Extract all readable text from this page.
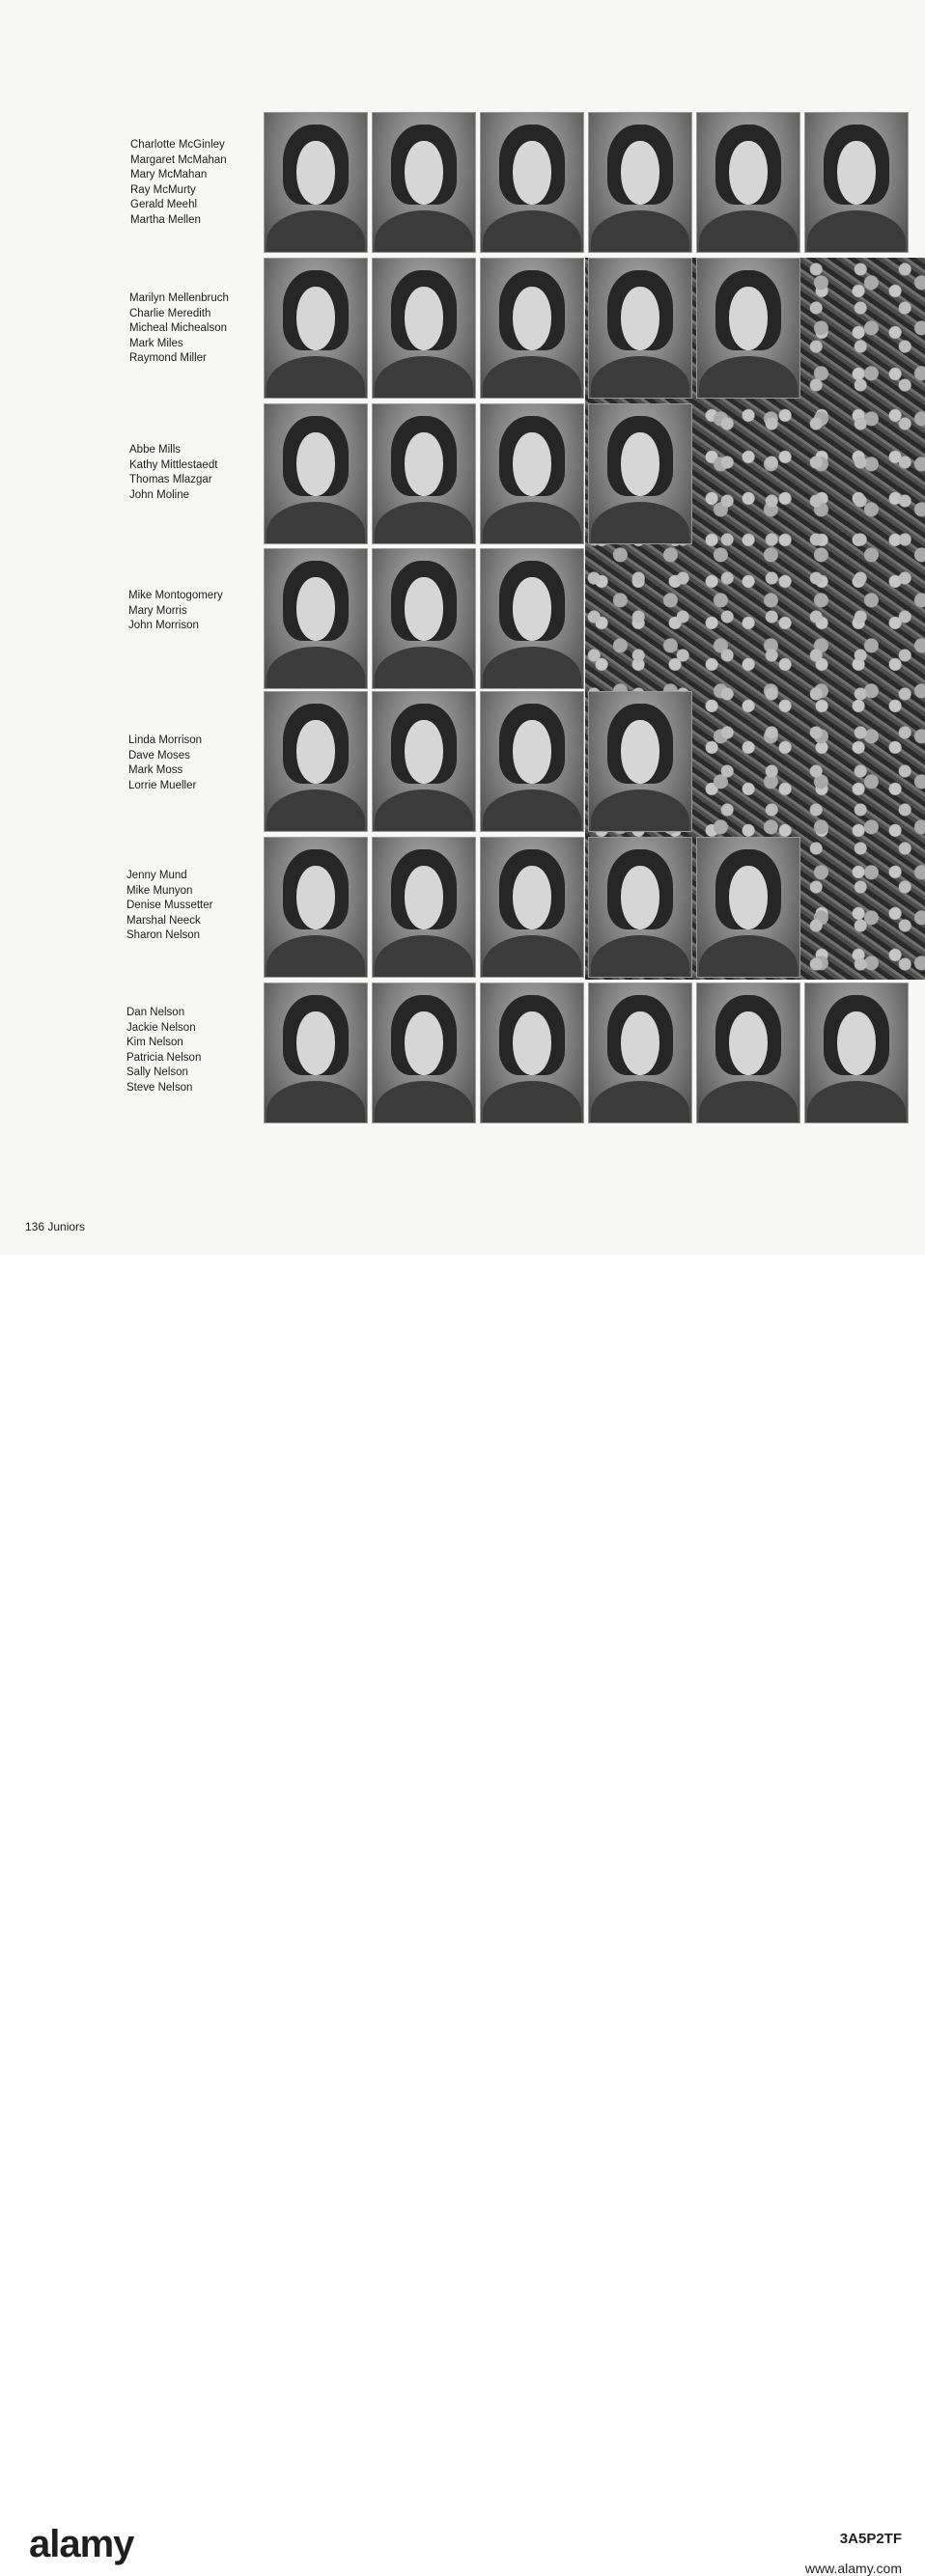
Charlotte McGinley
Margaret McMahan
Mary McMahan
Ray McMurty
Gerald Meehl
Martha Mellen
Marilyn Mellenbruch
Charlie Meredith
Micheal Michealson
Mark Miles
Raymond Miller
Abbe Mills
Kathy Mittlestaedt
Thomas Mlazgar
John Moline
Mike Montogomery
Mary Morris
John Morrison
Linda Morrison
Dave Moses
Mark Moss
Lorrie Mueller
Jenny Mund
Mike Munyon
Denise Mussetter
Marshal Neeck
Sharon Nelson
Dan Nelson
Jackie Nelson
Kim Nelson
Patricia Nelson
Sally Nelson
Steve Nelson
136 Juniors
alamy	3A5P2TF
www.alamy.com
